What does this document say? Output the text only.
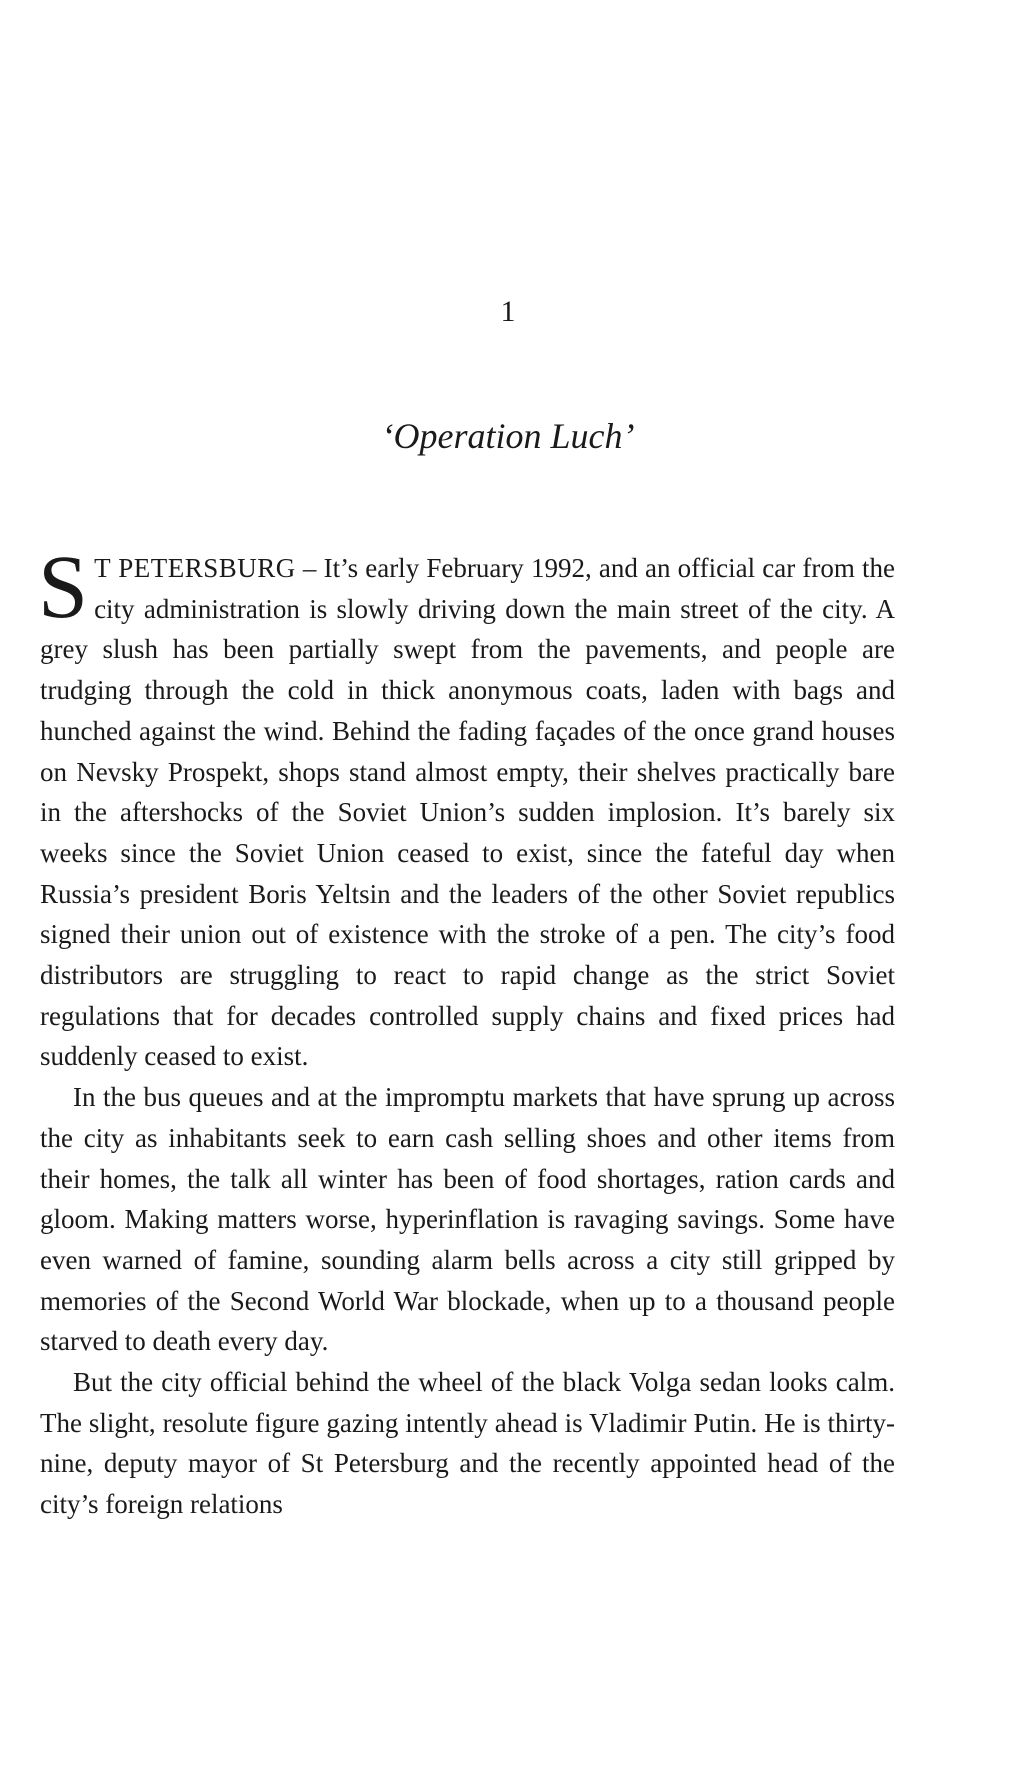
1
‘Operation Luch’

S T PETERSBURG – It’s early February 1992, and an official car from the city administration is slowly driving down the main street of the city. A grey slush has been partially swept from the pavements, and people are trudging through the cold in thick anonymous coats, laden with bags and hunched against the wind. Behind the fading façades of the once grand houses on Nevsky Prospekt, shops stand almost empty, their shelves practically bare in the aftershocks of the Soviet Union’s sudden implosion. It’s barely six weeks since the Soviet Union ceased to exist, since the fateful day when Russia’s president Boris Yeltsin and the leaders of the other Soviet republics signed their union out of existence with the stroke of a pen. The city’s food distributors are struggling to react to rapid change as the strict Soviet regulations that for decades controlled supply chains and fixed prices had suddenly ceased to exist.

In the bus queues and at the impromptu markets that have sprung up across the city as inhabitants seek to earn cash selling shoes and other items from their homes, the talk all winter has been of food shortages, ration cards and gloom. Making matters worse, hyperinflation is ravaging savings. Some have even warned of famine, sounding alarm bells across a city still gripped by memories of the Second World War blockade, when up to a thousand people starved to death every day.

But the city official behind the wheel of the black Volga sedan looks calm. The slight, resolute figure gazing intently ahead is Vladimir Putin. He is thirty-nine, deputy mayor of St Petersburg and the recently appointed head of the city’s foreign relations
